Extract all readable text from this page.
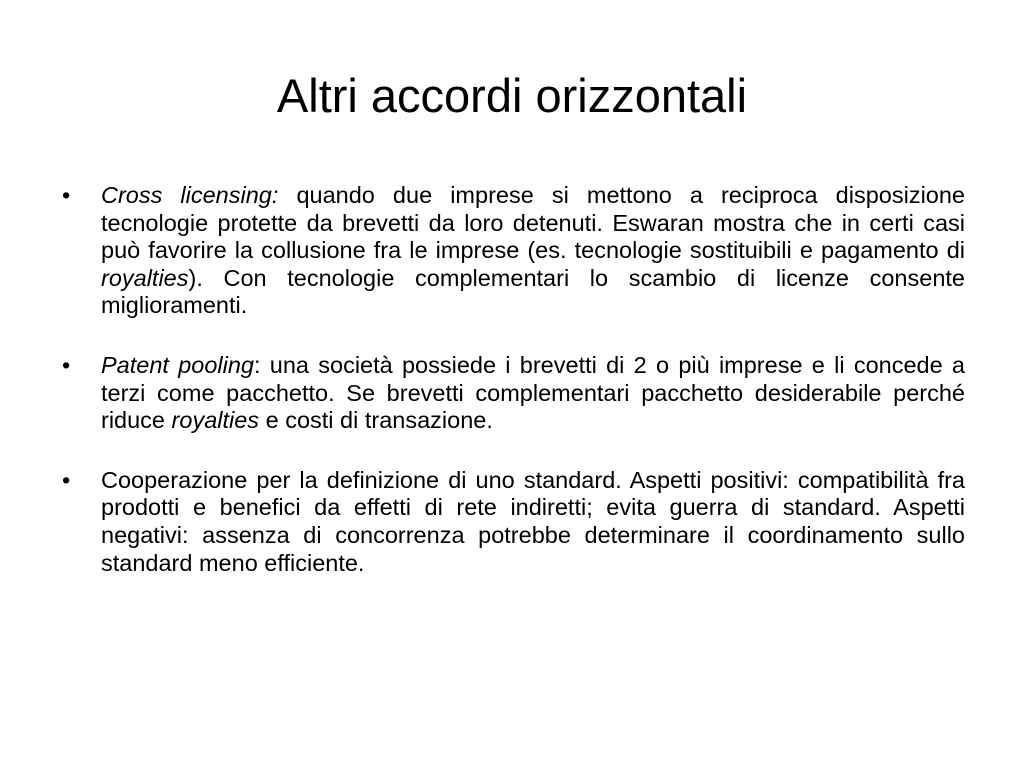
Altri accordi orizzontali
•	Cross licensing: quando due imprese si mettono a reciproca disposizione tecnologie protette da brevetti da loro detenuti. Eswaran mostra che in certi casi può favorire la collusione fra le imprese (es. tecnologie sostituibili e pagamento di royalties). Con tecnologie complementari lo scambio di licenze consente miglioramenti.
•	Patent pooling: una società possiede i brevetti di 2 o più imprese e li concede a terzi come pacchetto. Se brevetti complementari pacchetto desiderabile perché riduce royalties e costi di transazione.
•	Cooperazione per la definizione di uno standard. Aspetti positivi: compatibilità fra prodotti e benefici da effetti di rete indiretti; evita guerra di standard. Aspetti negativi: assenza di concorrenza potrebbe determinare il coordinamento sullo standard meno efficiente.
